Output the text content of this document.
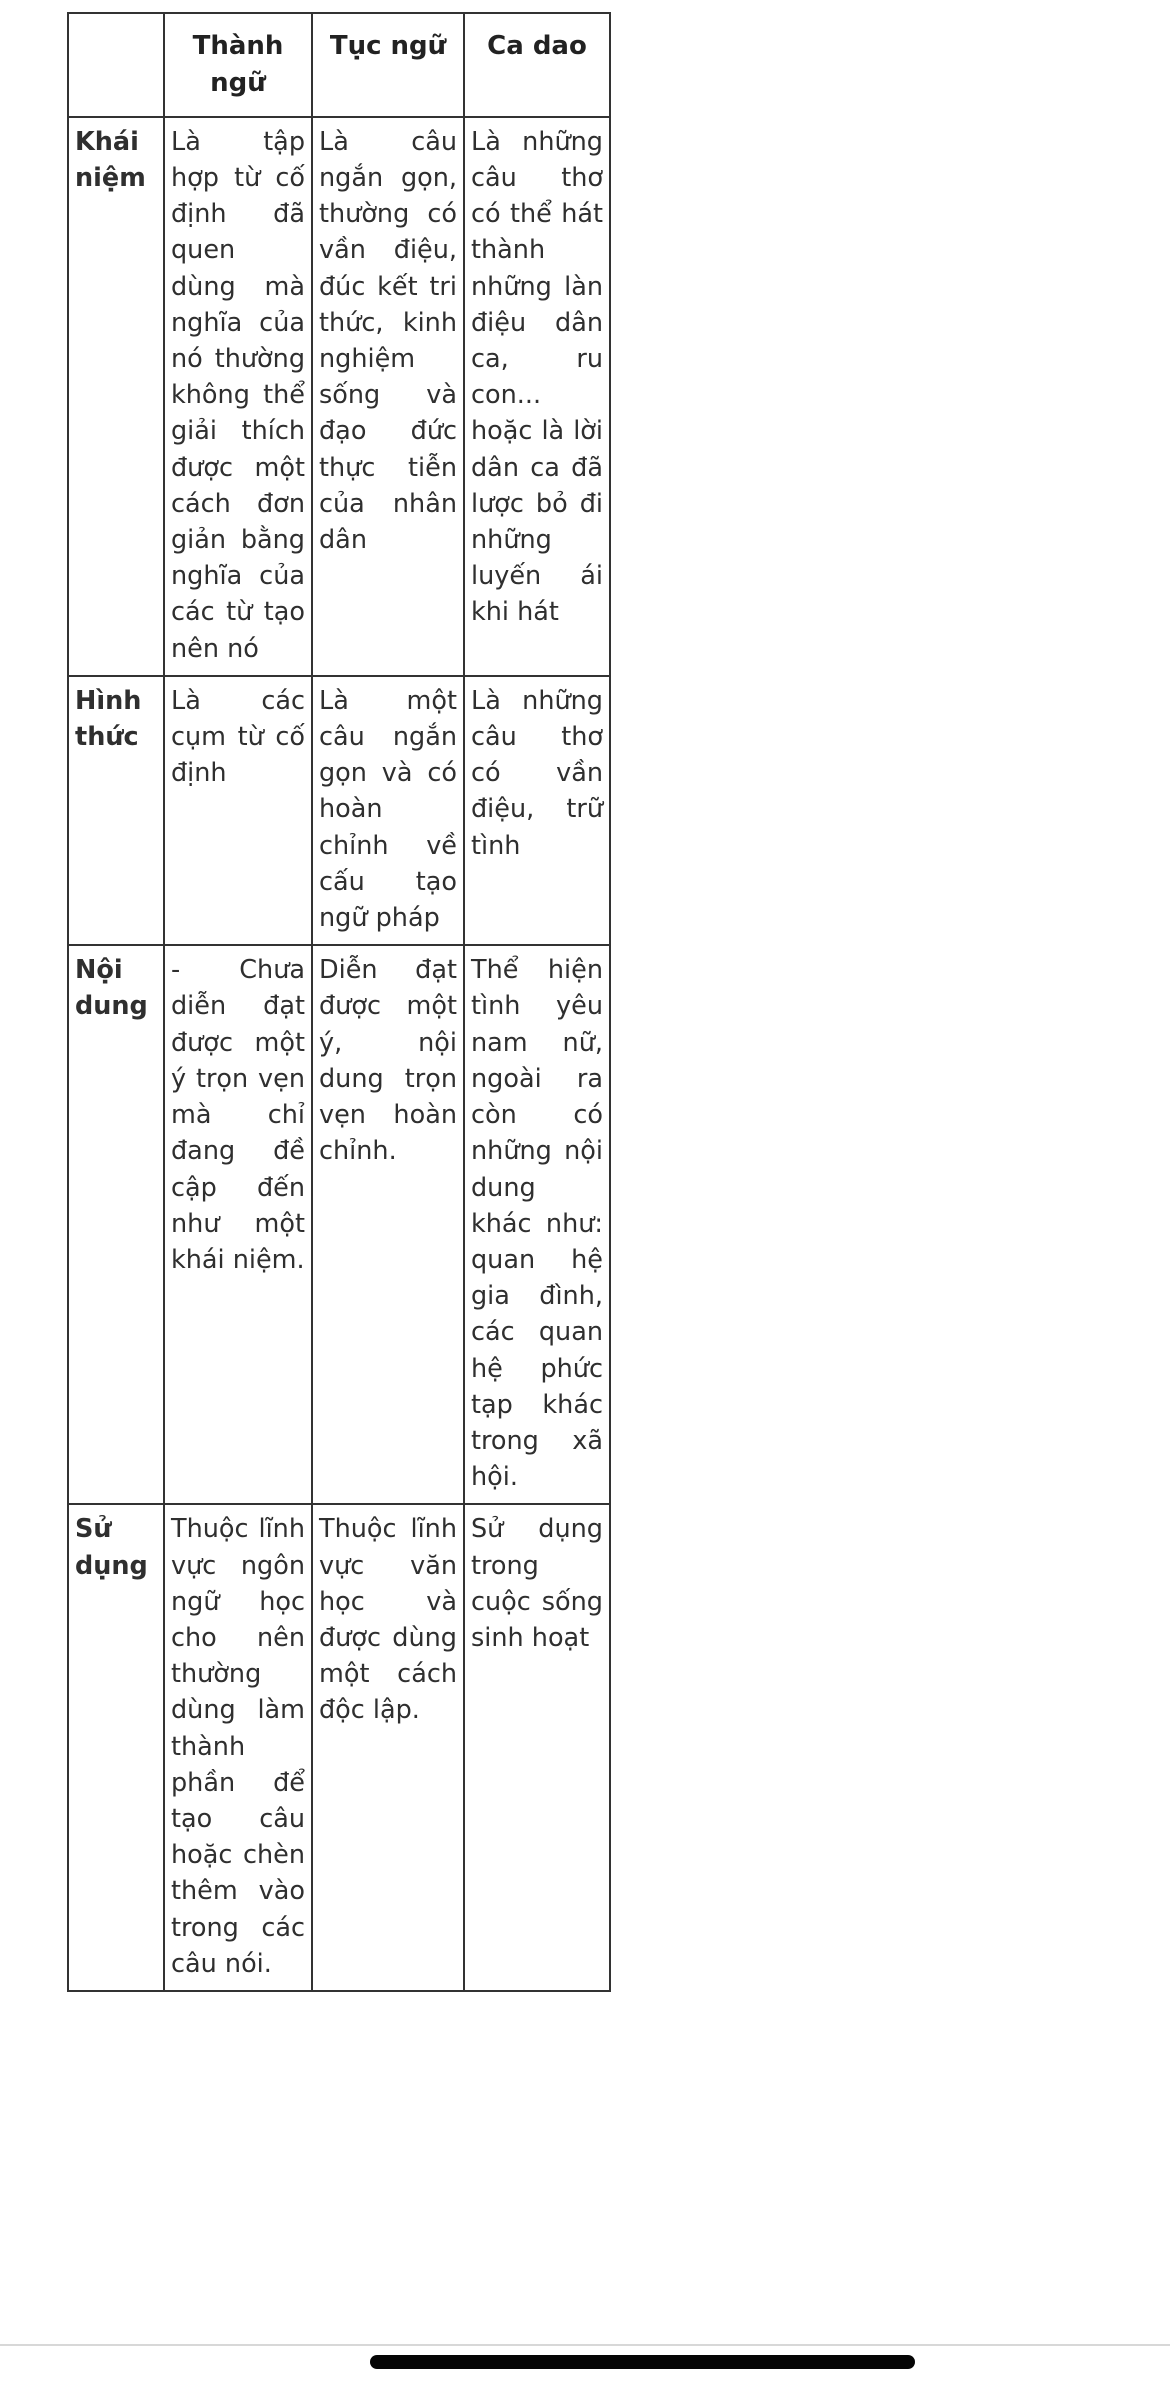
	Thành ngữ	Tục ngữ	Ca dao
Khái niệm	Là tập hợp từ cố định đã quen dùng mà nghĩa của nó thường không thể giải thích được một cách đơn giản bằng nghĩa của các từ tạo nên nó	Là câu ngắn gọn, thường có vần điệu, đúc kết tri thức, kinh nghiệm sống và đạo đức thực tiễn của nhân dân	Là những câu thơ có thể hát thành những làn điệu dân ca, ru con... hoặc là lời dân ca đã lược bỏ đi những luyến ái khi hát
Hình thức	Là các cụm từ cố định	Là một câu ngắn gọn và có hoàn chỉnh về cấu tạo ngữ pháp	Là những câu thơ có vần điệu, trữ tình
Nội dung	- Chưa diễn đạt được một ý trọn vẹn mà chỉ đang đề cập đến như một khái niệm.	Diễn đạt được một ý, nội dung trọn vẹn hoàn chỉnh.	Thể hiện tình yêu nam nữ, ngoài ra còn có những nội dung khác như: quan hệ gia đình, các quan hệ phức tạp khác trong xã hội.
Sử dụng	Thuộc lĩnh vực ngôn ngữ học cho nên thường dùng làm thành phần để tạo câu hoặc chèn thêm vào trong các câu nói.	Thuộc lĩnh vực văn học và được dùng một cách độc lập.	Sử dụng trong cuộc sống sinh hoạt
